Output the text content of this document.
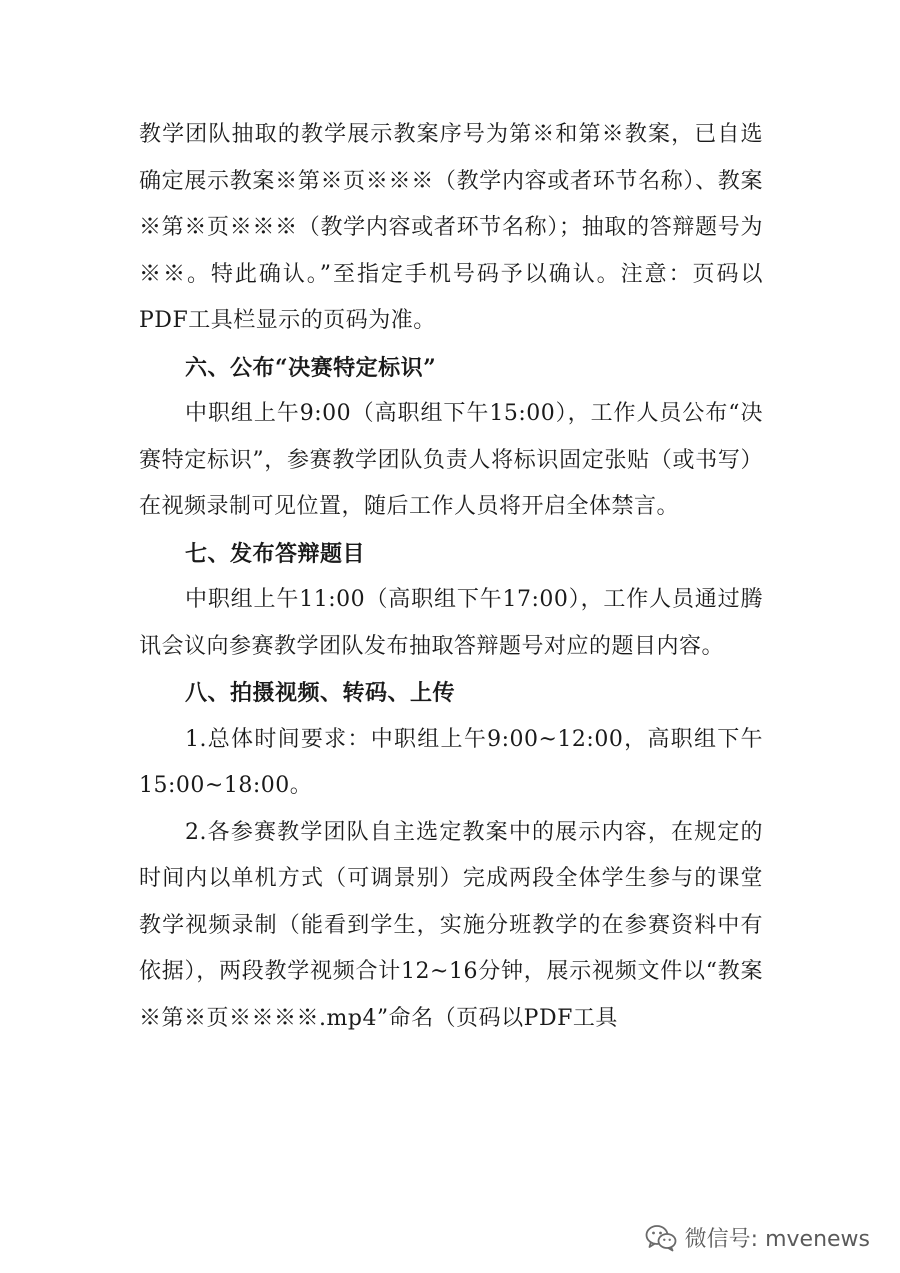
教学团队抽取的教学展示教案序号为第※和第※教案，已自选确定展示教案※第※页※※※（教学内容或者环节名称）、教案※第※页※※※（教学内容或者环节名称）；抽取的答辩题号为※※。特此确认。”至指定手机号码予以确认。注意：页码以PDF工具栏显示的页码为准。

六、公布“决赛特定标识”

中职组上午9:00（高职组下午15:00），工作人员公布“决赛特定标识”，参赛教学团队负责人将标识固定张贴（或书写）在视频录制可见位置，随后工作人员将开启全体禁言。

七、发布答辩题目

中职组上午11:00（高职组下午17:00），工作人员通过腾讯会议向参赛教学团队发布抽取答辩题号对应的题目内容。

八、拍摄视频、转码、上传

1.总体时间要求：中职组上午9:00~12:00，高职组下午15:00~18:00。

2.各参赛教学团队自主选定教案中的展示内容，在规定的时间内以单机方式（可调景别）完成两段全体学生参与的课堂教学视频录制（能看到学生，实施分班教学的在参赛资料中有依据），两段教学视频合计12~16分钟，展示视频文件以“教案※第※页※※※※.mp4”命名（页码以PDF工具

微信号: mvenews
